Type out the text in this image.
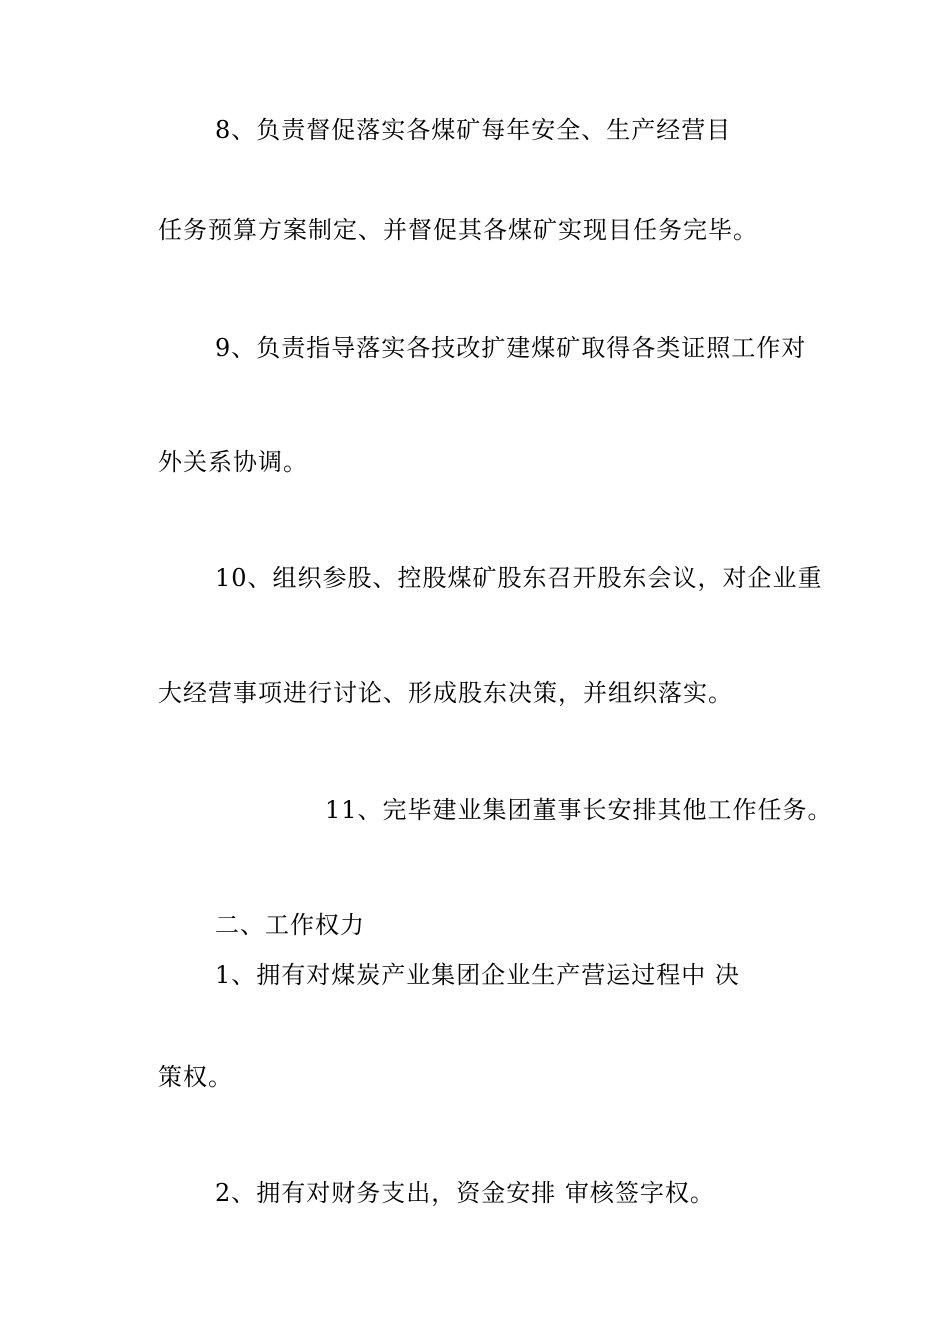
8、负责督促落实各煤矿每年安全、生产经营目
任务预算方案制定、并督促其各煤矿实现目任务完毕。
9、负责指导落实各技改扩建煤矿取得各类证照工作对
外关系协调。
10、组织参股、控股煤矿股东召开股东会议，对企业重
大经营事项进行讨论、形成股东决策，并组织落实。
11、完毕建业集团董事长安排其他工作任务。
二、工作权力
1、拥有对煤炭产业集团企业生产营运过程中 决
策权。
2、拥有对财务支出，资金安排 审核签字权。
